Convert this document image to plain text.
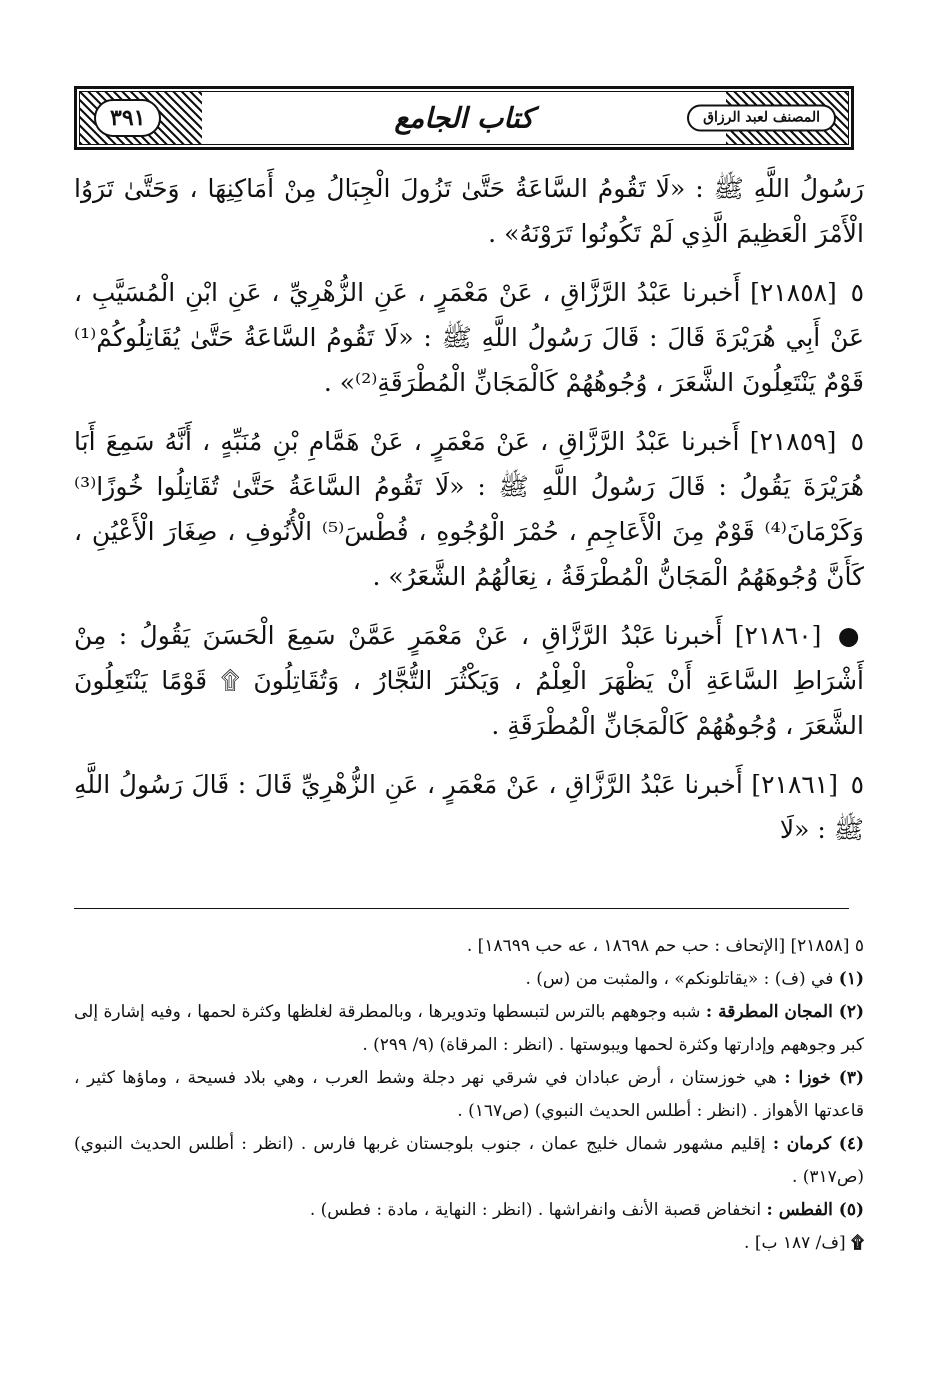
٣٩١	المصنف لعبد الرزاق
كتاب الجامع

رَسُولُ اللَّهِ ﷺ : «لَا تَقُومُ السَّاعَةُ حَتَّىٰ تَزُولَ الْجِبَالُ مِنْ أَمَاكِنِهَا ، وَحَتَّىٰ تَرَوُا الْأَمْرَ الْعَظِيمَ الَّذِي لَمْ تَكُونُوا تَرَوْنَهُ» .

٥ [٢١٨٥٨] أَخبرنا عَبْدُ الرَّزَّاقِ ، عَنْ مَعْمَرٍ ، عَنِ الزُّهْرِيِّ ، عَنِ ابْنِ الْمُسَيَّبِ ، عَنْ أَبِي هُرَيْرَةَ قَالَ : قَالَ رَسُولُ اللَّهِ ﷺ : «لَا تَقُومُ السَّاعَةُ حَتَّىٰ يُقَاتِلُوكُمْ⁽¹⁾ قَوْمٌ يَنْتَعِلُونَ الشَّعَرَ ، وُجُوهُهُمْ كَالْمَجَانِّ الْمُطْرَقَةِ⁽²⁾» .

٥ [٢١٨٥٩] أَخبرنا عَبْدُ الرَّزَّاقِ ، عَنْ مَعْمَرٍ ، عَنْ هَمَّامِ بْنِ مُنَبِّهٍ ، أَنَّهُ سَمِعَ أَبَا هُرَيْرَةَ يَقُولُ : قَالَ رَسُولُ اللَّهِ ﷺ : «لَا تَقُومُ السَّاعَةُ حَتَّىٰ تُقَاتِلُوا خُوزًا⁽³⁾ وَكَرْمَانَ⁽⁴⁾ قَوْمٌ مِنَ الْأَعَاجِمِ ، حُمْرَ الْوُجُوهِ ، فُطْسَ⁽⁵⁾ الْأُنُوفِ ، صِغَارَ الْأَعْيُنِ ، كَأَنَّ وُجُوهَهُمُ الْمَجَانُّ الْمُطْرَقَةُ ، نِعَالُهُمُ الشَّعَرُ» .

● [٢١٨٦٠] أَخبرنا عَبْدُ الرَّزَّاقِ ، عَنْ مَعْمَرٍ عَمَّنْ سَمِعَ الْحَسَنَ يَقُولُ : مِنْ أَشْرَاطِ السَّاعَةِ أَنْ يَظْهَرَ الْعِلْمُ ، وَيَكْثُرَ التُّجَّارُ ، وَتُقَاتِلُونَ ۩ قَوْمًا يَنْتَعِلُونَ الشَّعَرَ ، وُجُوهُهُمْ كَالْمَجَانِّ الْمُطْرَقَةِ .

٥ [٢١٨٦١] أَخبرنا عَبْدُ الرَّزَّاقِ ، عَنْ مَعْمَرٍ ، عَنِ الزُّهْرِيِّ قَالَ : قَالَ رَسُولُ اللَّهِ ﷺ : «لَا

٥ [٢١٨٥٨] [الإتحاف : حب حم ١٨٦٩٨ ، عه حب ١٨٦٩٩] .

(١) في (ف) : «يقاتلونكم» ، والمثبت من (س) .

(٢) المجان المطرقة : شبه وجوههم بالترس لتبسطها وتدويرها ، وبالمطرقة لغلظها وكثرة لحمها ، وفيه إشارة إلى كبر وجوههم وإدارتها وكثرة لحمها ويبوستها . (انظر : المرقاة) (٩/ ٢٩٩) .

(٣) خوزا : هي خوزستان ، أرض عبادان في شرقي نهر دجلة وشط العرب ، وهي بلاد فسيحة ، وماؤها كثير ، قاعدتها الأهواز . (انظر : أطلس الحديث النبوي) (ص١٦٧) .

(٤) كرمان : إقليم مشهور شمال خليج عمان ، جنوب بلوجستان غربها فارس . (انظر : أطلس الحديث النبوي) (ص٣١٧) .

(٥) الفطس : انخفاض قصبة الأنف وانفراشها . (انظر : النهاية ، مادة : فطس) .

۩ [ف/ ١٨٧ ب] .
